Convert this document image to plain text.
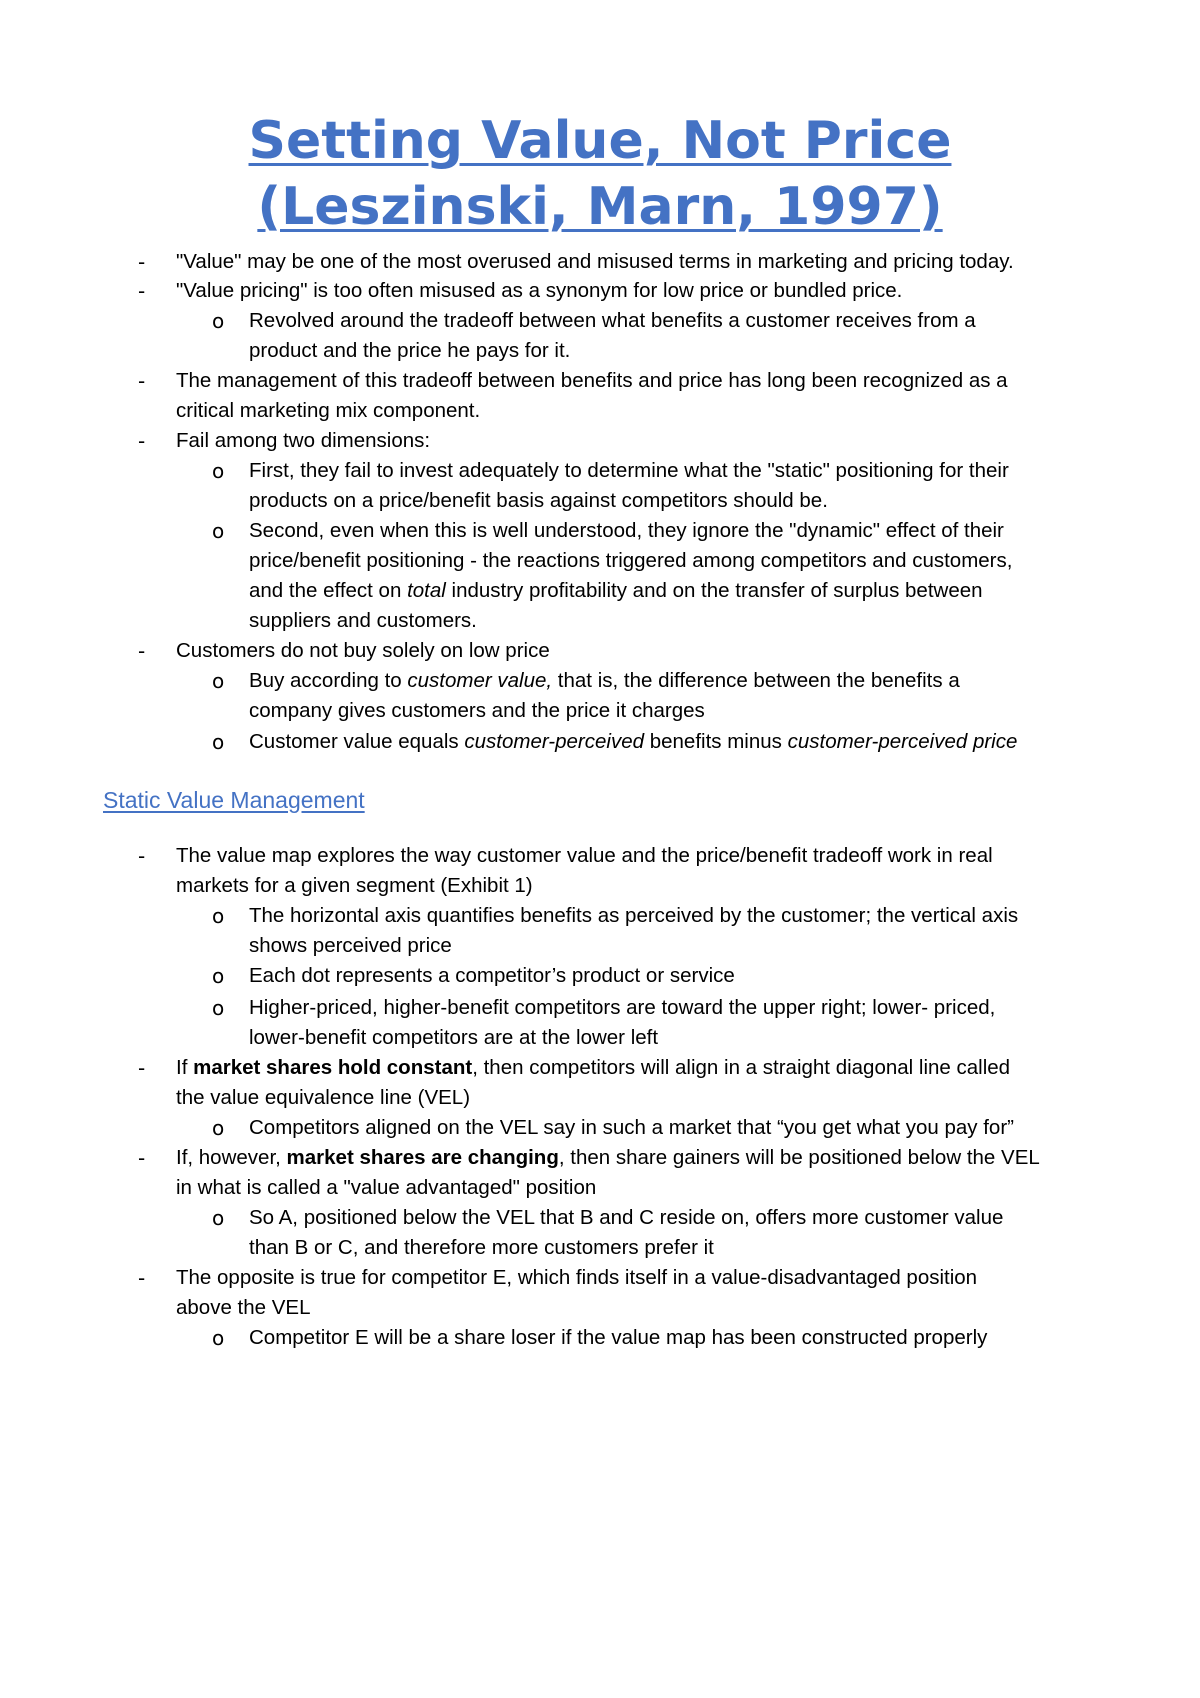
Setting Value, Not Price
(Leszinski, Marn, 1997)
- "Value" may be one of the most overused and misused terms in marketing and pricing today.
- "Value pricing" is too often misused as a synonym for low price or bundled price.
o Revolved around the tradeoff between what benefits a customer receives from a
product and the price he pays for it.
- The management of this tradeoff between benefits and price has long been recognized as a
critical marketing mix component.
- Fail among two dimensions:
o First, they fail to invest adequately to determine what the "static" positioning for their
products on a price/benefit basis against competitors should be.
o Second, even when this is well understood, they ignore the "dynamic" effect of their
price/benefit positioning - the reactions triggered among competitors and customers,
and the effect on total industry profitability and on the transfer of surplus between
suppliers and customers.
- Customers do not buy solely on low price
o Buy according to customer value, that is, the difference between the benefits a
company gives customers and the price it charges
o Customer value equals customer-perceived benefits minus customer-perceived price
Static Value Management
- The value map explores the way customer value and the price/benefit tradeoff work in real
markets for a given segment (Exhibit 1)
o The horizontal axis quantifies benefits as perceived by the customer; the vertical axis
shows perceived price
o Each dot represents a competitor’s product or service
o Higher-priced, higher-benefit competitors are toward the upper right; lower- priced,
lower-benefit competitors are at the lower left
- If market shares hold constant, then competitors will align in a straight diagonal line called
the value equivalence line (VEL)
o Competitors aligned on the VEL say in such a market that “you get what you pay for”
- If, however, market shares are changing, then share gainers will be positioned below the VEL
in what is called a "value advantaged" position
o So A, positioned below the VEL that B and C reside on, offers more customer value
than B or C, and therefore more customers prefer it
- The opposite is true for competitor E, which finds itself in a value-disadvantaged position
above the VEL
o Competitor E will be a share loser if the value map has been constructed properly
